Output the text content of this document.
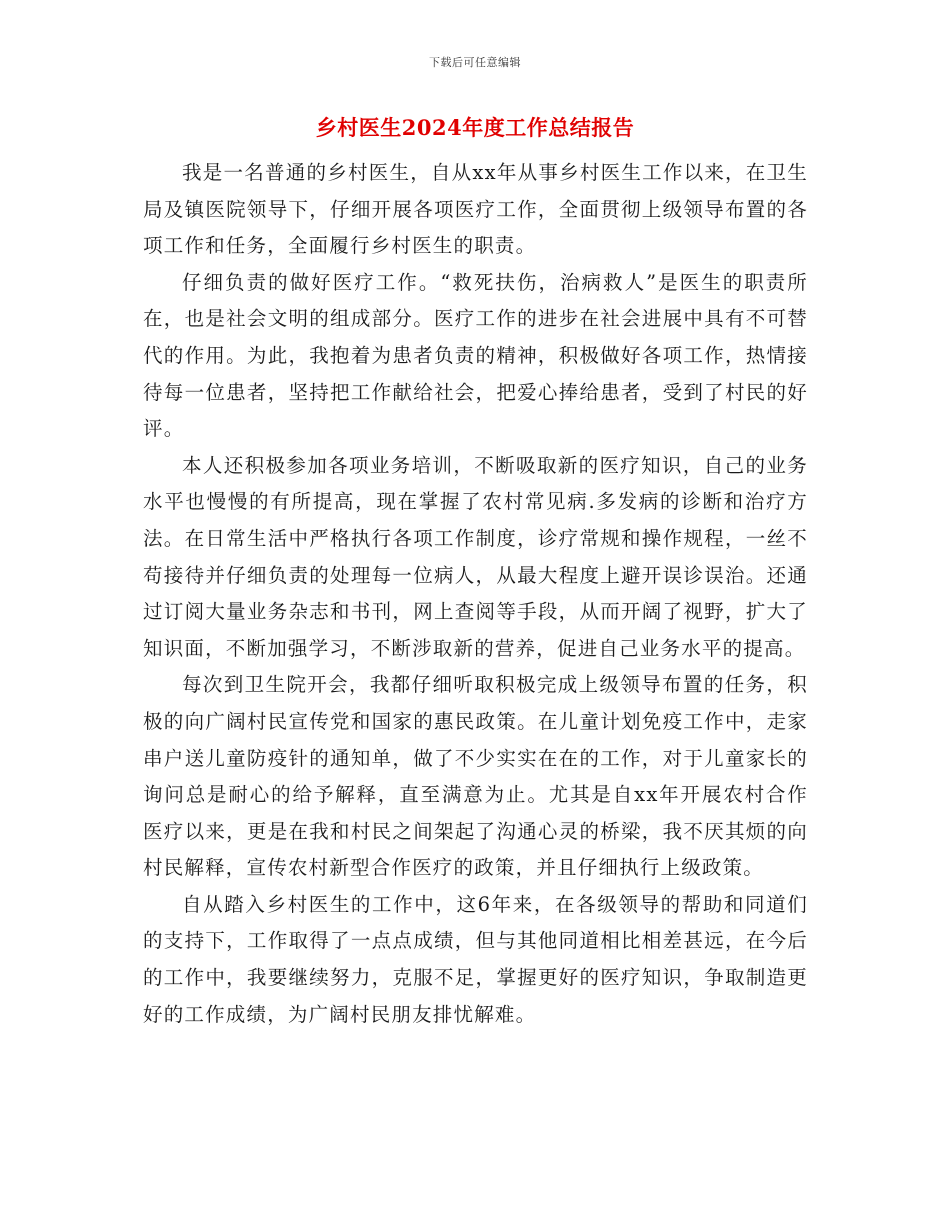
下载后可任意编辑
乡村医生2024年度工作总结报告

我是一名普通的乡村医生，自从xx年从事乡村医生工作以来，在卫生局及镇医院领导下，仔细开展各项医疗工作，全面贯彻上级领导布置的各项工作和任务，全面履行乡村医生的职责。

仔细负责的做好医疗工作。“救死扶伤，治病救人”是医生的职责所在，也是社会文明的组成部分。医疗工作的进步在社会进展中具有不可替代的作用。为此，我抱着为患者负责的精神，积极做好各项工作，热情接待每一位患者，坚持把工作献给社会，把爱心捧给患者，受到了村民的好评。

本人还积极参加各项业务培训，不断吸取新的医疗知识，自己的业务水平也慢慢的有所提高，现在掌握了农村常见病.多发病的诊断和治疗方法。在日常生活中严格执行各项工作制度，诊疗常规和操作规程，一丝不苟接待并仔细负责的处理每一位病人，从最大程度上避开误诊误治。还通过订阅大量业务杂志和书刊，网上查阅等手段，从而开阔了视野，扩大了知识面，不断加强学习，不断涉取新的营养，促进自己业务水平的提高。

每次到卫生院开会，我都仔细听取积极完成上级领导布置的任务，积极的向广阔村民宣传党和国家的惠民政策。在儿童计划免疫工作中，走家串户送儿童防疫针的通知单，做了不少实实在在的工作，对于儿童家长的询问总是耐心的给予解释，直至满意为止。尤其是自xx年开展农村合作医疗以来，更是在我和村民之间架起了沟通心灵的桥梁，我不厌其烦的向村民解释，宣传农村新型合作医疗的政策，并且仔细执行上级政策。

自从踏入乡村医生的工作中，这6年来，在各级领导的帮助和同道们的支持下，工作取得了一点点成绩，但与其他同道相比相差甚远，在今后的工作中，我要继续努力，克服不足，掌握更好的医疗知识，争取制造更好的工作成绩，为广阔村民朋友排忧解难。
